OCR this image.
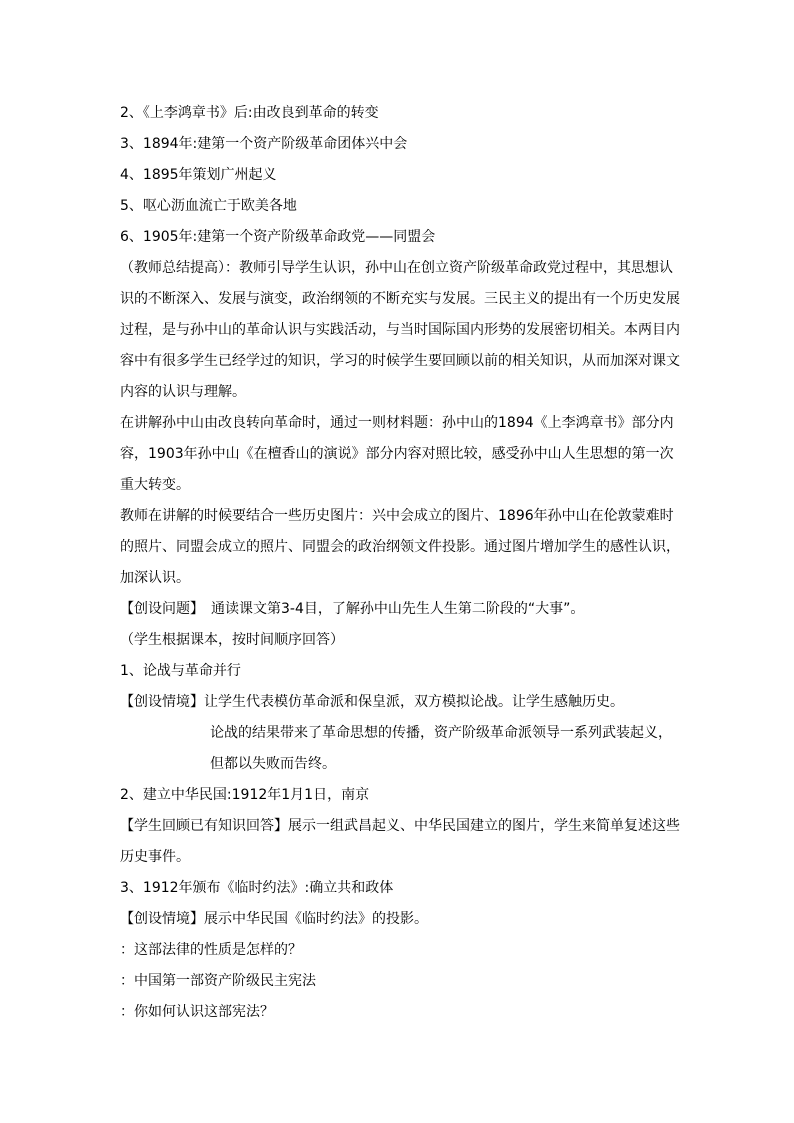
2、《上李鸿章书》后:由改良到革命的转变

3、1894年:建第一个资产阶级革命团体兴中会

4、1895年策划广州起义

5、呕心沥血流亡于欧美各地

6、1905年:建第一个资产阶级革命政党——同盟会

（教师总结提高）：教师引导学生认识，孙中山在创立资产阶级革命政党过程中，其思想认识的不断深入、发展与演变，政治纲领的不断充实与发展。三民主义的提出有一个历史发展过程，是与孙中山的革命认识与实践活动，与当时国际国内形势的发展密切相关。本两目内容中有很多学生已经学过的知识，学习的时候学生要回顾以前的相关知识，从而加深对课文内容的认识与理解。

在讲解孙中山由改良转向革命时，通过一则材料题：孙中山的1894《上李鸿章书》部分内容，1903年孙中山《在檀香山的演说》部分内容对照比较，感受孙中山人生思想的第一次重大转变。

教师在讲解的时候要结合一些历史图片：兴中会成立的图片、1896年孙中山在伦敦蒙难时的照片、同盟会成立的照片、同盟会的政治纲领文件投影。通过图片增加学生的感性认识，加深认识。

【创设问题】　通读课文第3-4目，了解孙中山先生人生第二阶段的“大事”。

（学生根据课本，按时间顺序回答）

1、论战与革命并行

【创设情境】让学生代表模仿革命派和保皇派，双方模拟论战。让学生感触历史。

论战的结果带来了革命思想的传播，资产阶级革命派领导一系列武装起义，但都以失败而告终。

2、建立中华民国:1912年1月1日，南京

【学生回顾已有知识回答】展示一组武昌起义、中华民国建立的图片，学生来简单复述这些历史事件。

3、1912年颁布《临时约法》:确立共和政体

【创设情境】展示中华民国《临时约法》的投影。

：这部法律的性质是怎样的？

：中国第一部资产阶级民主宪法

：你如何认识这部宪法？
